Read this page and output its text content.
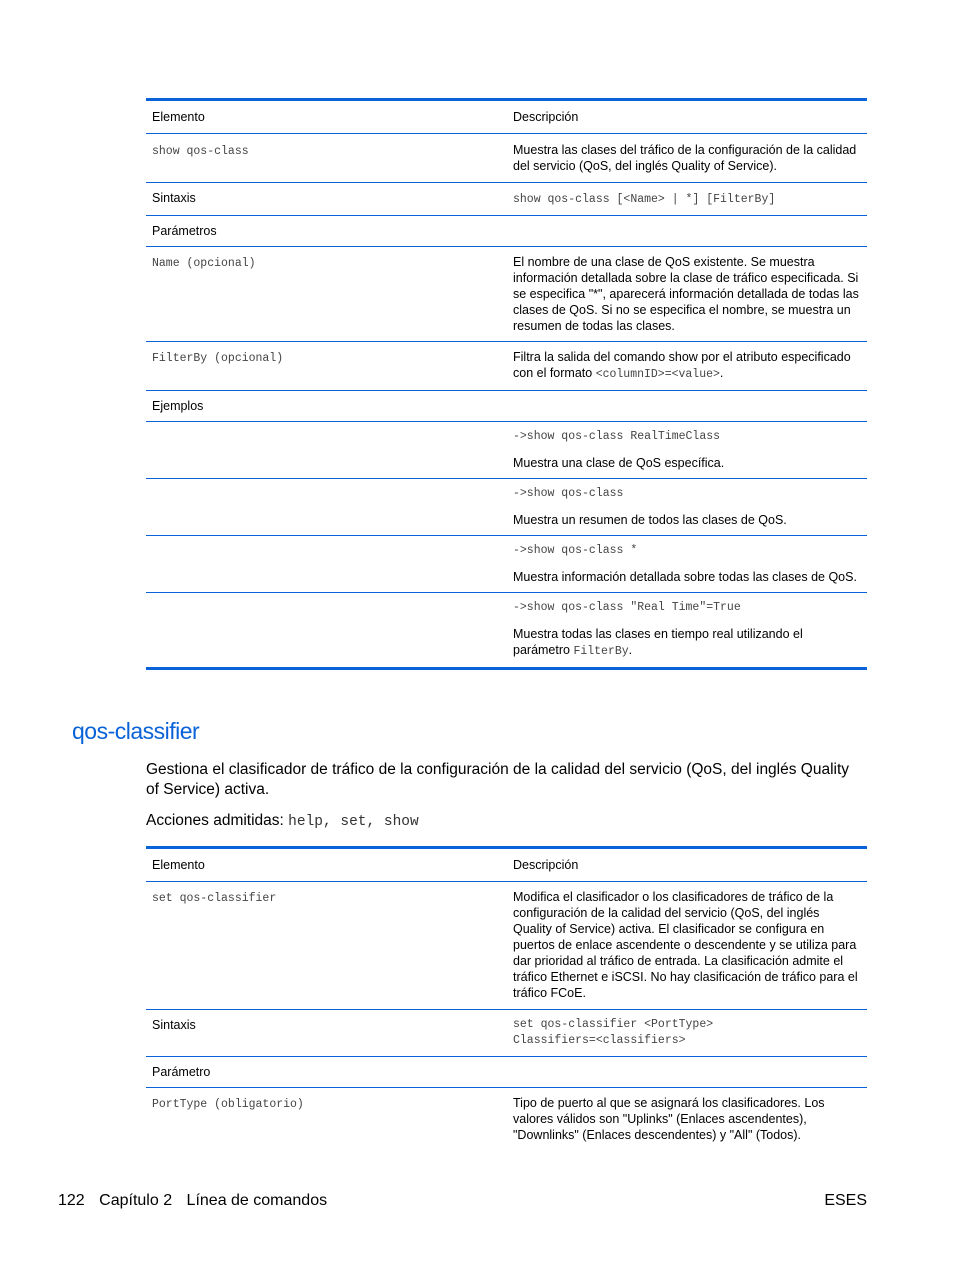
Elemento	Descripción
show qos-class	Muestra las clases del tráfico de la configuración de la calidad del servicio (QoS, del inglés Quality of Service).
Sintaxis	show qos-class [<Name> | *] [FilterBy]
Parámetros	
Name (opcional)	El nombre de una clase de QoS existente. Se muestra información detallada sobre la clase de tráfico especificada. Si se especifica "*", aparecerá información detallada de todas las clases de QoS. Si no se especifica el nombre, se muestra un resumen de todas las clases.
FilterBy (opcional)	Filtra la salida del comando show por el atributo especificado con el formato <columnID>=<value>.
Ejemplos	

	->show qos-class RealTimeClass
Muestra una clase de QoS específica.

	->show qos-class
Muestra un resumen de todos las clases de QoS.

	->show qos-class *
Muestra información detallada sobre todas las clases de QoS.

	->show qos-class "Real Time"=True
Muestra todas las clases en tiempo real utilizando el parámetro FilterBy.
qos-classifier

Gestiona el clasificador de tráfico de la configuración de la calidad del servicio (QoS, del inglés Quality of Service) activa.

Acciones admitidas: help, set, show

Elemento	Descripción
set qos-classifier	Modifica el clasificador o los clasificadores de tráfico de la configuración de la calidad del servicio (QoS, del inglés Quality of Service) activa. El clasificador se configura en puertos de enlace ascendente o descendente y se utiliza para dar prioridad al tráfico de entrada. La clasificación admite el tráfico Ethernet e iSCSI. No hay clasificación de tráfico para el tráfico FCoE.
Sintaxis	set qos-classifier <PortType>
Classifiers=<classifiers>

Parámetro	
PortType (obligatorio)	Tipo de puerto al que se asignará los clasificadores. Los valores válidos son "Uplinks" (Enlaces ascendentes), "Downlinks" (Enlaces descendentes) y "All" (Todos).
122 Capítulo 2 Línea de comandos	ESES
